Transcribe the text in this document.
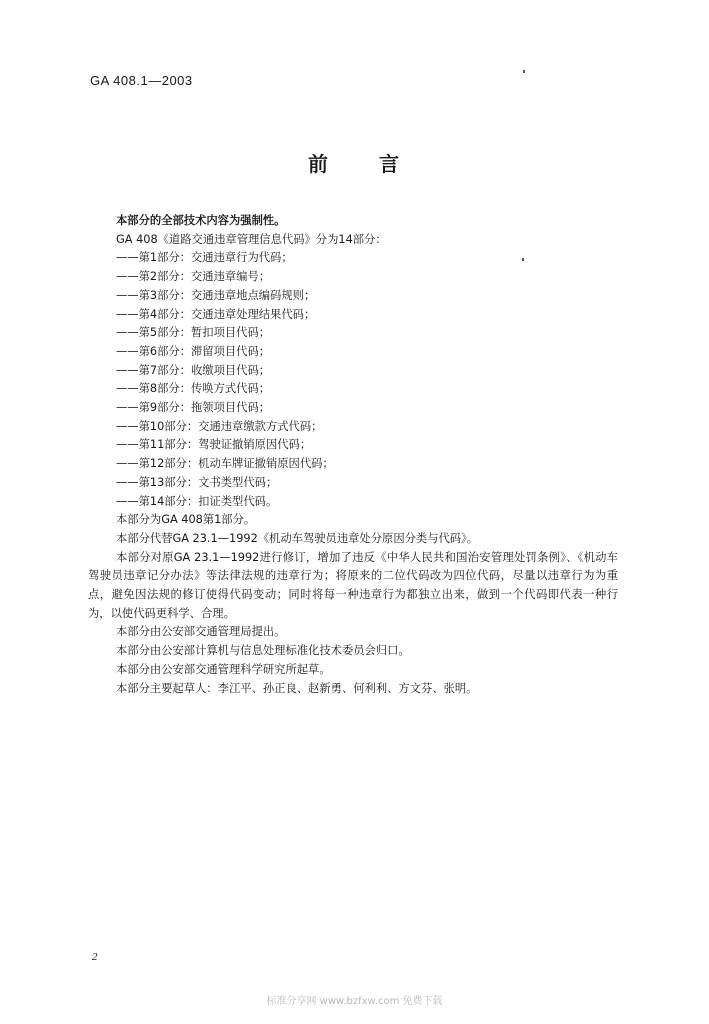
GA 408.1—2003
前 言

本部分的全部技术内容为强制性。

GA 408《道路交通违章管理信息代码》分为14部分：

——第1部分：交通违章行为代码；

——第2部分：交通违章编号；

——第3部分：交通违章地点编码规则；

——第4部分：交通违章处理结果代码；

——第5部分：暂扣项目代码；

——第6部分：滞留项目代码；

——第7部分：收缴项目代码；

——第8部分：传唤方式代码；

——第9部分：拖领项目代码；

——第10部分：交通违章缴款方式代码；

——第11部分：驾驶证撤销原因代码；

——第12部分：机动车牌证撤销原因代码；

——第13部分：文书类型代码；

——第14部分：扣证类型代码。

本部分为GA 408第1部分。

本部分代替GA 23.1—1992《机动车驾驶员违章处分原因分类与代码》。

本部分对原GA 23.1—1992进行修订，增加了违反《中华人民共和国治安管理处罚条例》、《机动车驾驶员违章记分办法》等法律法规的违章行为；将原来的二位代码改为四位代码，尽量以违章行为为重点，避免因法规的修订使得代码变动；同时将每一种违章行为都独立出来，做到一个代码即代表一种行为，以使代码更科学、合理。

本部分由公安部交通管理局提出。

本部分由公安部计算机与信息处理标准化技术委员会归口。

本部分由公安部交通管理科学研究所起草。

本部分主要起草人：李江平、孙正良、赵新勇、何利利、方文芬、张明。

2
标准分享网 www.bzfxw.com 免费下载
